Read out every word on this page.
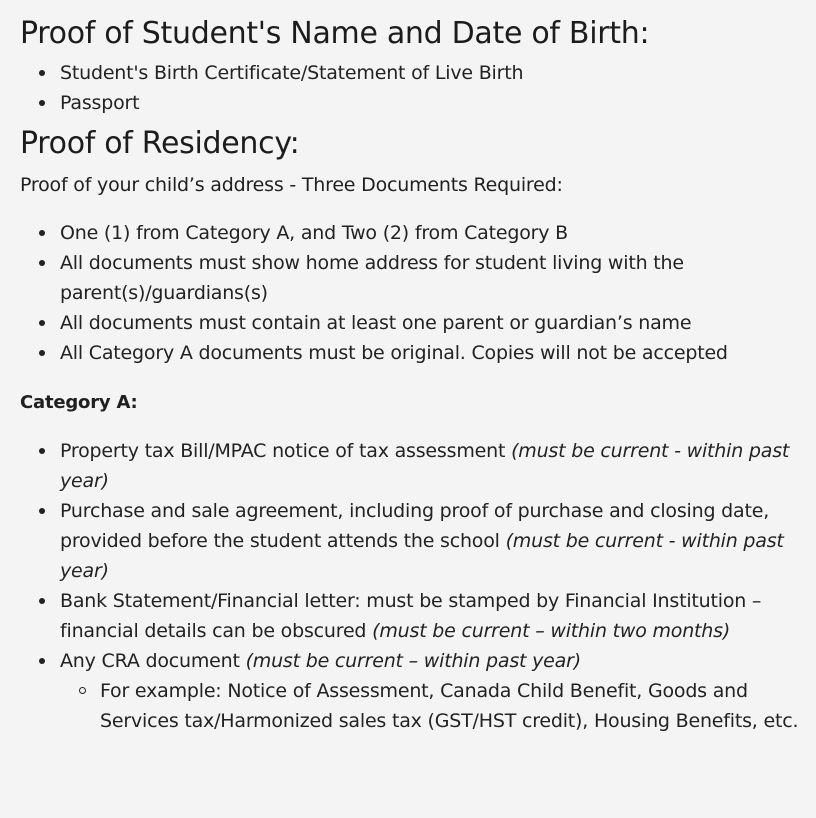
Proof of Student's Name and Date of Birth:
Student's Birth Certificate/Statement of Live Birth
Passport
Proof of Residency:

Proof of your child’s address - Three Documents Required:

One (1) from Category A, and Two (2) from Category B
All documents must show home address for student living with the parent(s)/guardians(s)
All documents must contain at least one parent or guardian’s name
All Category A documents must be original. Copies will not be accepted

Category A:

Property tax Bill/MPAC notice of tax assessment (must be current - within past year)
Purchase and sale agreement, including proof of purchase and closing date, provided before the student attends the school (must be current - within past year)
Bank Statement/Financial letter: must be stamped by Financial Institution – financial details can be obscured (must be current – within two months)
Any CRA document (must be current – within past year)
For example: Notice of Assessment, Canada Child Benefit, Goods and Services tax/Harmonized sales tax (GST/HST credit), Housing Benefits, etc.
